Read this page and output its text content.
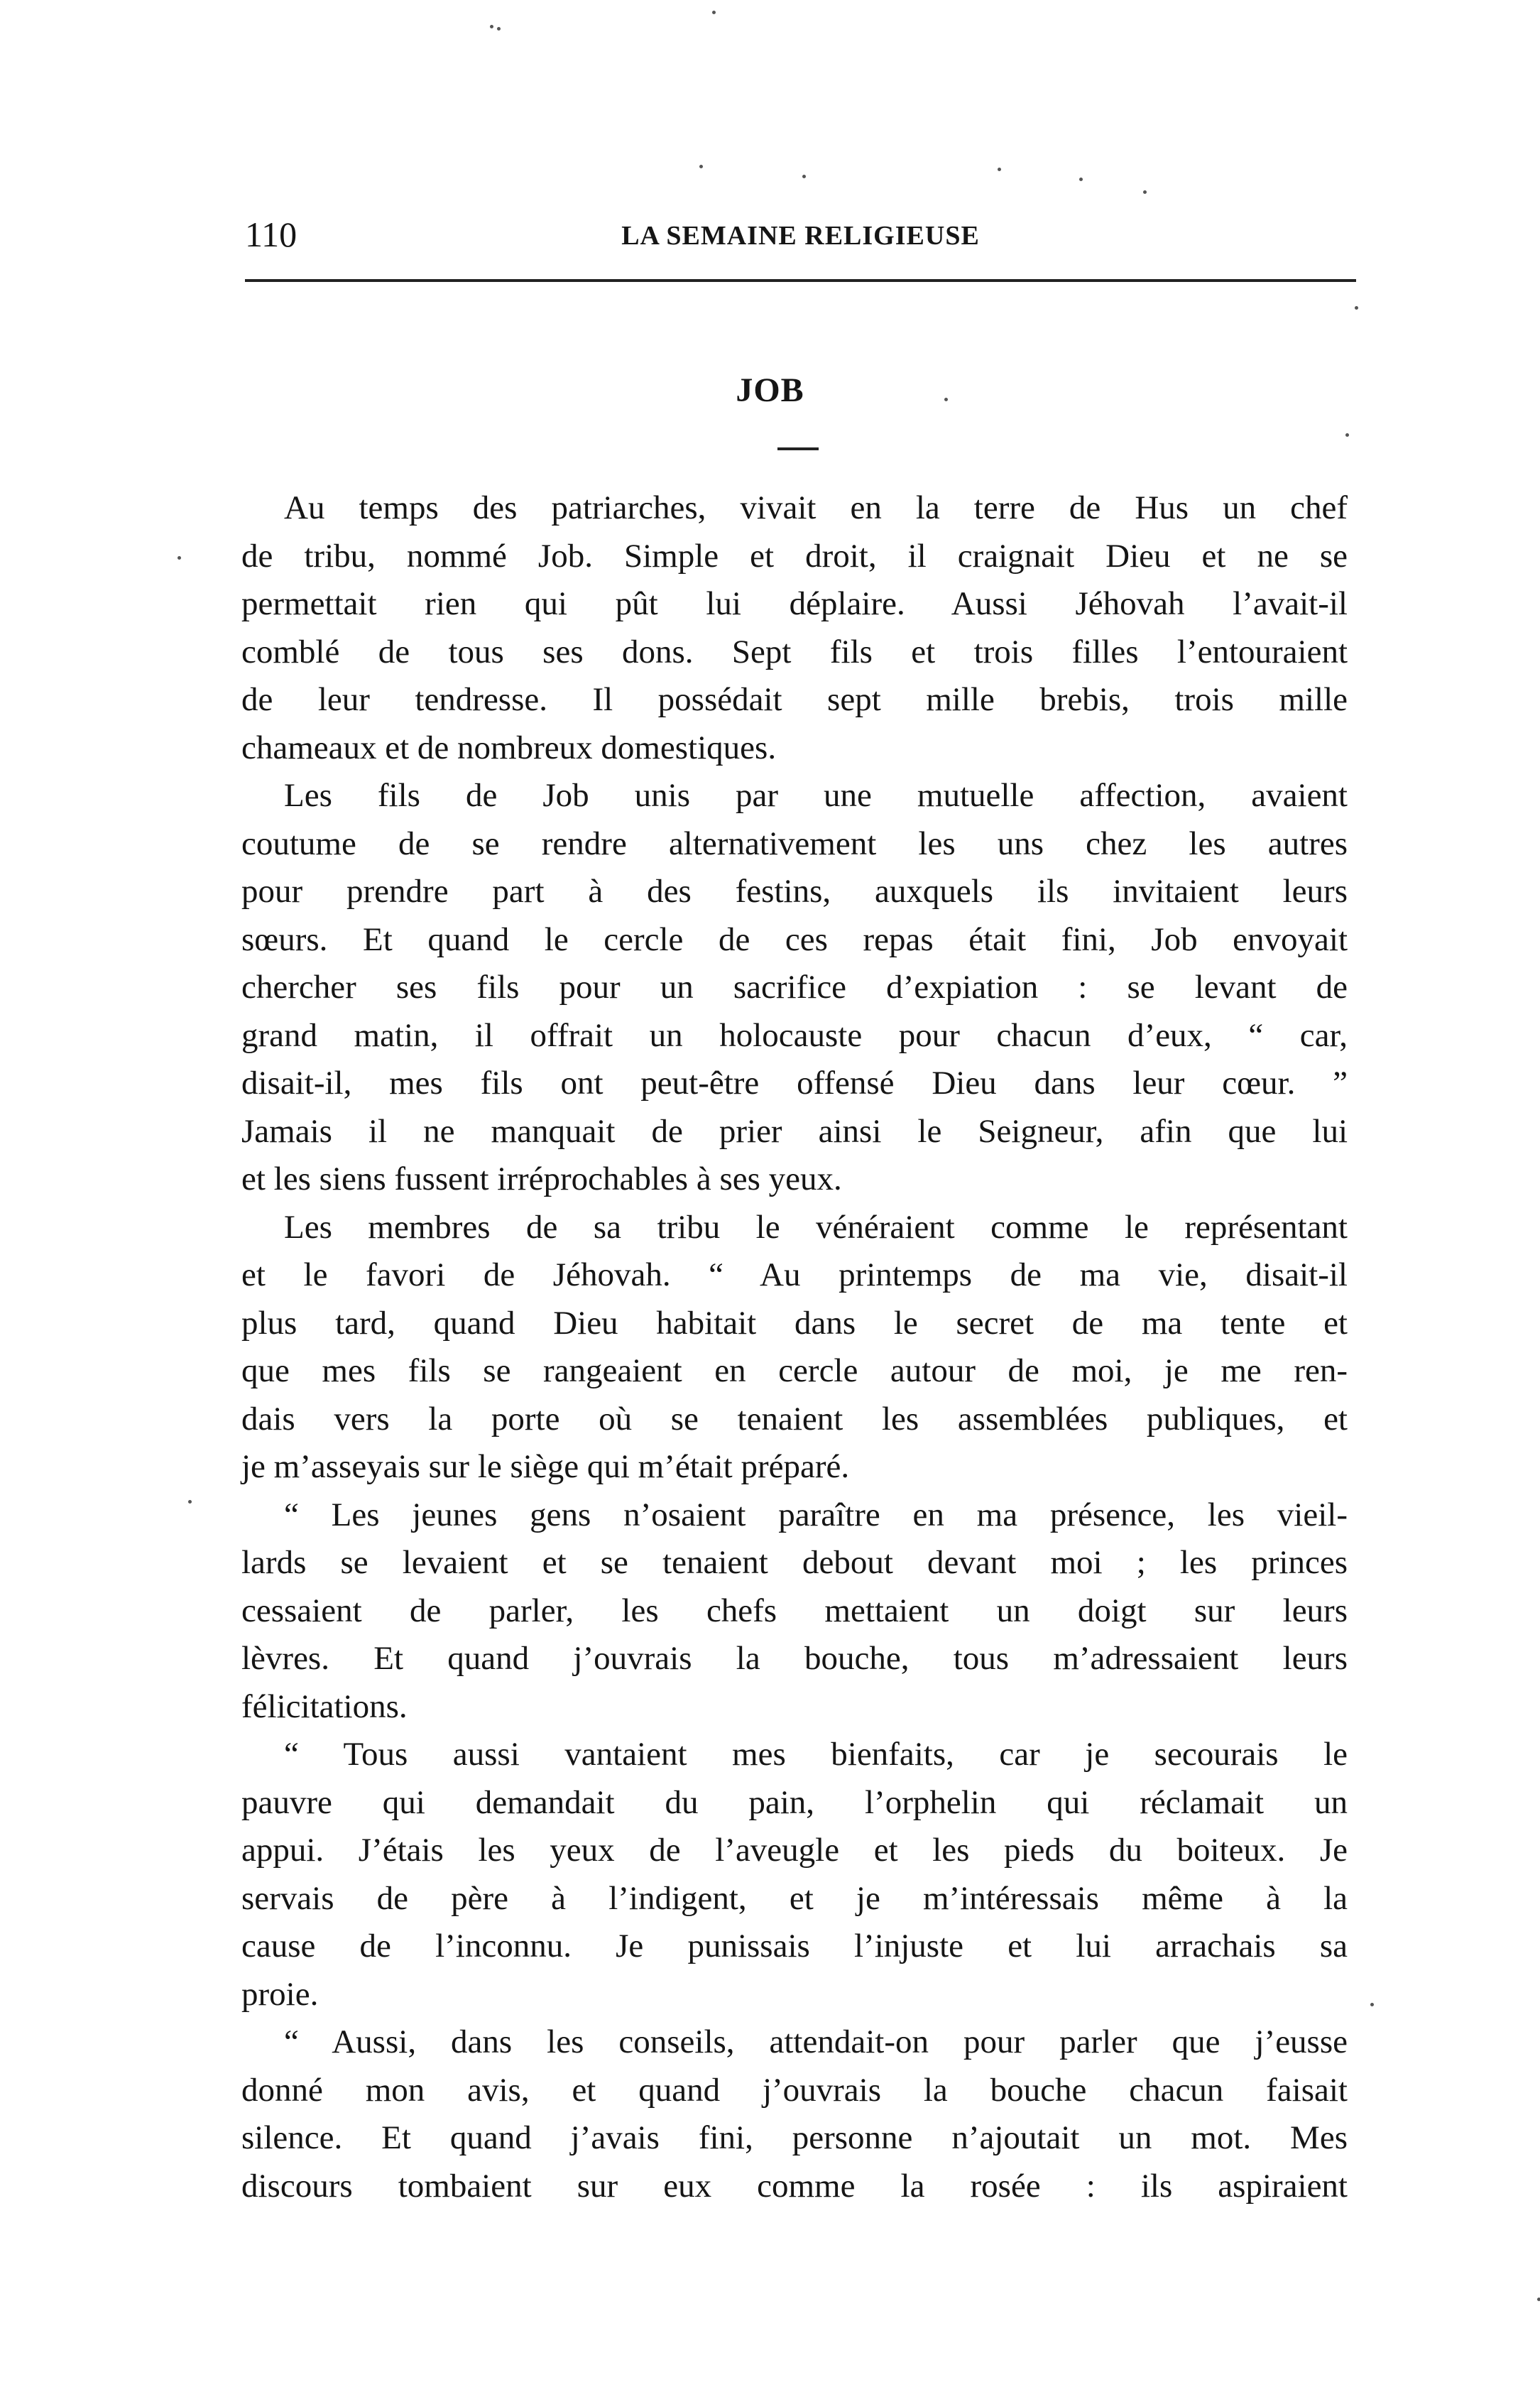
110	LA SEMAINE RELIGIEUSE
JOB
Au temps des patriarches, vivait en la terre de Hus un chef
de tribu, nommé Job. Simple et droit, il craignait Dieu et ne se
permettait rien qui pût lui déplaire. Aussi Jéhovah l’avait-il
comblé de tous ses dons. Sept fils et trois filles l’entouraient
de leur tendresse. Il possédait sept mille brebis, trois mille
chameaux et de nombreux domestiques.
Les fils de Job unis par une mutuelle affection, avaient
coutume de se rendre alternativement les uns chez les autres
pour prendre part à des festins, auxquels ils invitaient leurs
sœurs. Et quand le cercle de ces repas était fini, Job envoyait
chercher ses fils pour un sacrifice d’expiation : se levant de
grand matin, il offrait un holocauste pour chacun d’eux, “ car,
disait-il, mes fils ont peut-être offensé Dieu dans leur cœur. ”
Jamais il ne manquait de prier ainsi le Seigneur, afin que lui
et les siens fussent irréprochables à ses yeux.
Les membres de sa tribu le vénéraient comme le représentant
et le favori de Jéhovah. “ Au printemps de ma vie, disait-il
plus tard, quand Dieu habitait dans le secret de ma tente et
que mes fils se rangeaient en cercle autour de moi, je me ren-
dais vers la porte où se tenaient les assemblées publiques, et
je m’asseyais sur le siège qui m’était préparé.
“ Les jeunes gens n’osaient paraître en ma présence, les vieil-
lards se levaient et se tenaient debout devant moi ; les princes
cessaient de parler, les chefs mettaient un doigt sur leurs
lèvres. Et quand j’ouvrais la bouche, tous m’adressaient leurs
félicitations.
“ Tous aussi vantaient mes bienfaits, car je secourais le
pauvre qui demandait du pain, l’orphelin qui réclamait un
appui. J’étais les yeux de l’aveugle et les pieds du boiteux. Je
servais de père à l’indigent, et je m’intéressais même à la
cause de l’inconnu. Je punissais l’injuste et lui arrachais sa
proie.
“ Aussi, dans les conseils, attendait-on pour parler que j’eusse
donné mon avis, et quand j’ouvrais la bouche chacun faisait
silence. Et quand j’avais fini, personne n’ajoutait un mot. Mes
discours tombaient sur eux comme la rosée : ils aspiraient
